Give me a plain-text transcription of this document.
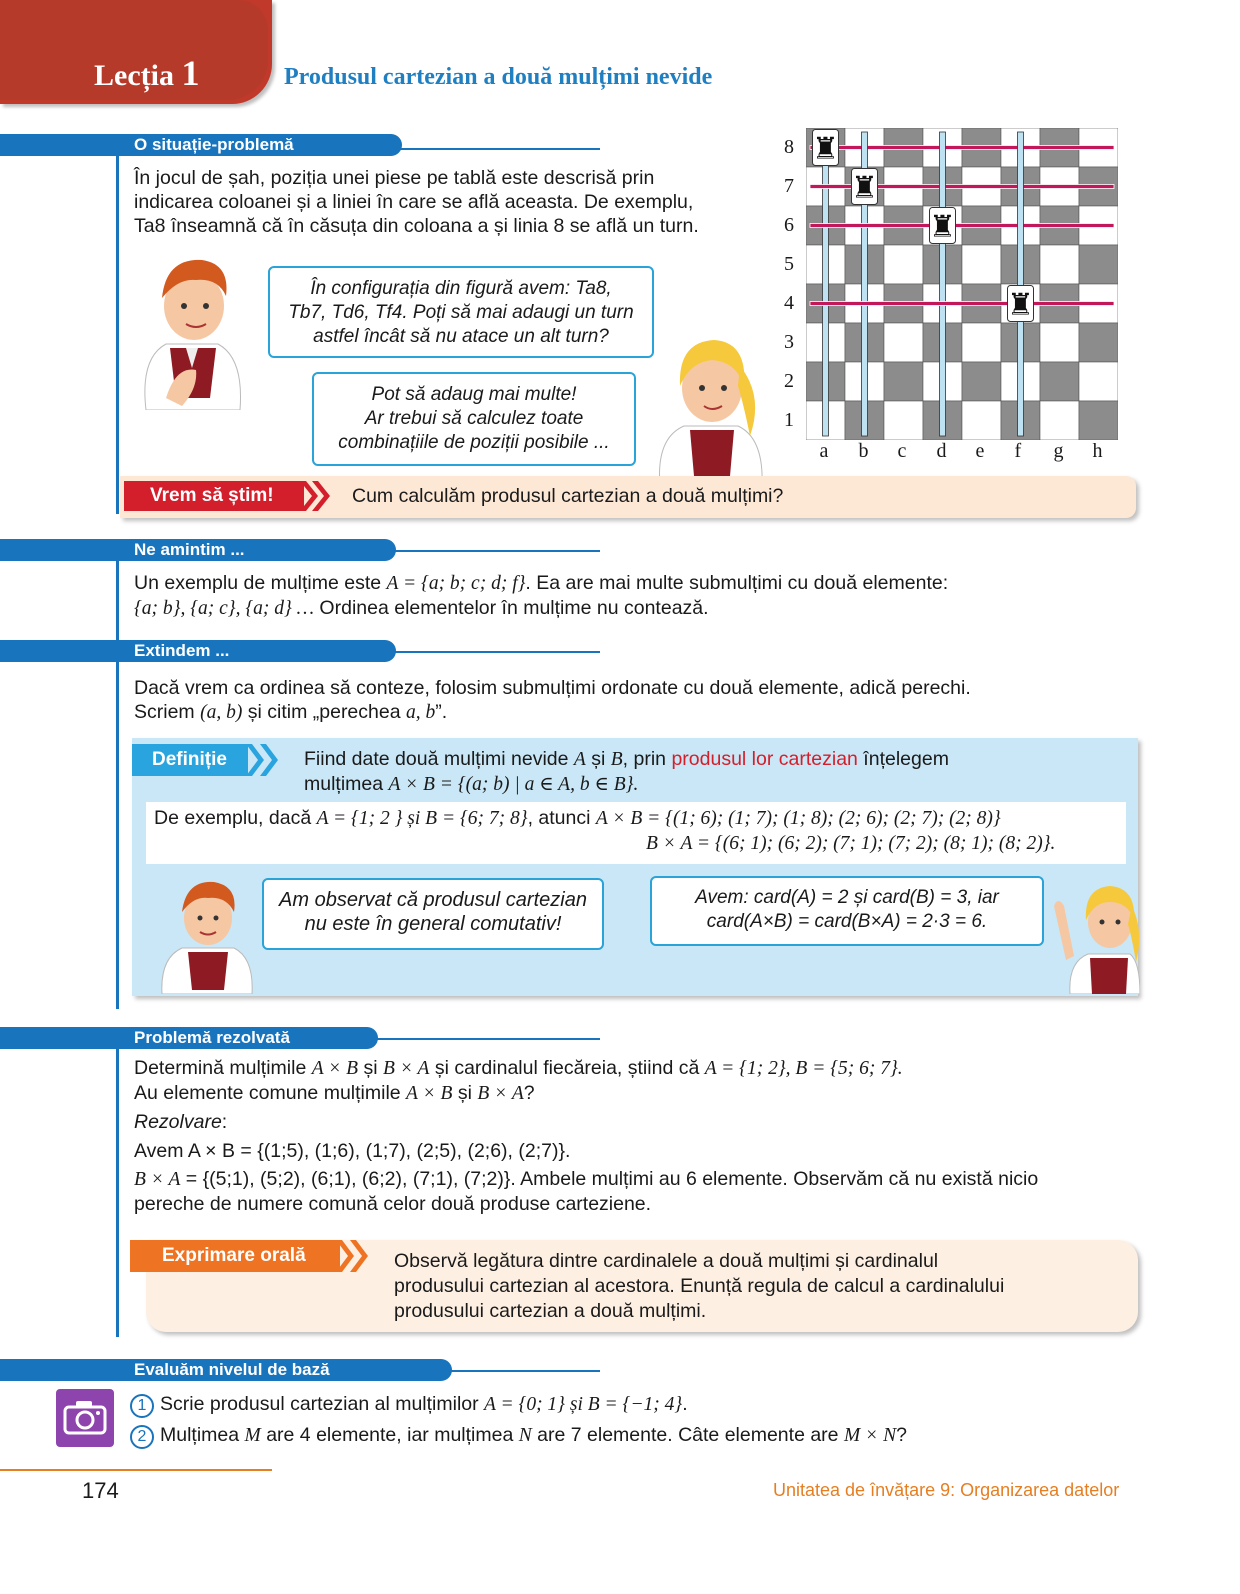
Lecția 1	Produsul cartezian a două mulțimi nevide
O situație-problemă
În jocul de șah, poziția unei piese pe tablă este descrisă prin
indicarea coloanei și a liniei în care se află aceasta. De exemplu,
Ta8 înseamnă că în căsuța din coloana a și linia 8 se află un turn.
În configurația din figură avem: Ta8,
Tb7, Td6, Tf4. Poți să mai adaugi un turn
astfel încât să nu atace un alt turn?
Pot să adaug mai multe!
Ar trebui să calculez toate
combinațiile de poziții posibile ...
♜
♜
♜
♜
8
7
6
5
4
3
2
1
a b c d e f g h
Vrem să știm!	Cum calculăm produsul cartezian a două mulțimi?
Ne amintim ...
Un exemplu de mulțime este A = {a; b; c; d; f}. Ea are mai multe submulțimi cu două elemente:
{a; b}, {a; c}, {a; d} … Ordinea elementelor în mulțime nu contează.
Extindem ...
Dacă vrem ca ordinea să conteze, folosim submulțimi ordonate cu două elemente, adică perechi.
Scriem (a, b) și citim „perechea a, b”.
Definiție	Fiind date două mulțimi nevide A și B, prin produsul lor cartezian înțelegem
mulțimea A × B = {(a; b) | a ∈ A, b ∈ B}.
De exemplu, dacă A = {1; 2 } și B = {6; 7; 8}, atunci A × B = {(1; 6); (1; 7); (1; 8); (2; 6); (2; 7); (2; 8)}
B × A = {(6; 1); (6; 2); (7; 1); (7; 2); (8; 1); (8; 2)}.
Am observat că produsul cartezian
nu este în general comutativ!
Avem: card(A) = 2 și card(B) = 3, iar
card(A×B) = card(B×A) = 2·3 = 6.
Problemă rezolvată
Determină mulțimile A × B și B × A și cardinalul fiecăreia, știind că A = {1; 2}, B = {5; 6; 7}.
Au elemente comune mulțimile A × B și B × A?
Rezolvare:
Avem A × B = {(1;5), (1;6), (1;7), (2;5), (2;6), (2;7)}.
B × A = {(5;1), (5;2), (6;1), (6;2), (7;1), (7;2)}. Ambele mulțimi au 6 elemente. Observăm că nu există nicio
pereche de numere comună celor două produse carteziene.
Exprimare orală	Observă legătura dintre cardinalele a două mulțimi și cardinalul
produsului cartezian al acestora. Enunță regula de calcul a cardinalului
produsului cartezian a două mulțimi.
Evaluăm nivelul de bază
1 Scrie produsul cartezian al mulțimilor A = {0; 1} și B = {−1; 4}.
2 Mulțimea M are 4 elemente, iar mulțimea N are 7 elemente. Câte elemente are M × N?
174	Unitatea de învățare 9: Organizarea datelor
